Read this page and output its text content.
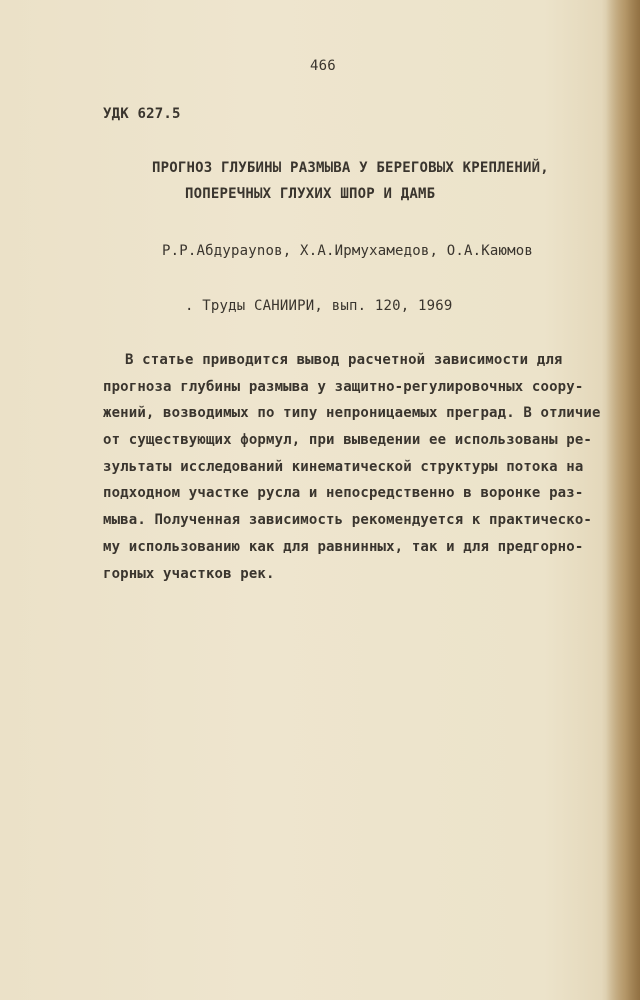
466
УДК 627.5
ПРОГНОЗ ГЛУБИНЫ РАЗМЫВА У БЕРЕГОВЫХ КРЕПЛЕНИЙ,
ПОПЕРЕЧНЫХ ГЛУХИХ ШПОР И ДАМБ
Р.Р.Абдурауnов, Х.А.Ирмухамедов, О.А.Каюмов
. Труды САНИИРИ, вып. 120, 1969
В статье приводится вывод расчетной зависимости для
прогноза глубины размыва у защитно-регулировочных соору-
жений, возводимых по типу непроницаемых преград. В отличие
от существующих формул, при выведении ее использованы ре-
зультаты исследований кинематической структуры потока на
подходном участке русла и непосредственно в воронке раз-
мыва. Полученная зависимость рекомендуется к практическо-
му использованию как для равнинных, так и для предгорно-
горных участков рек.
